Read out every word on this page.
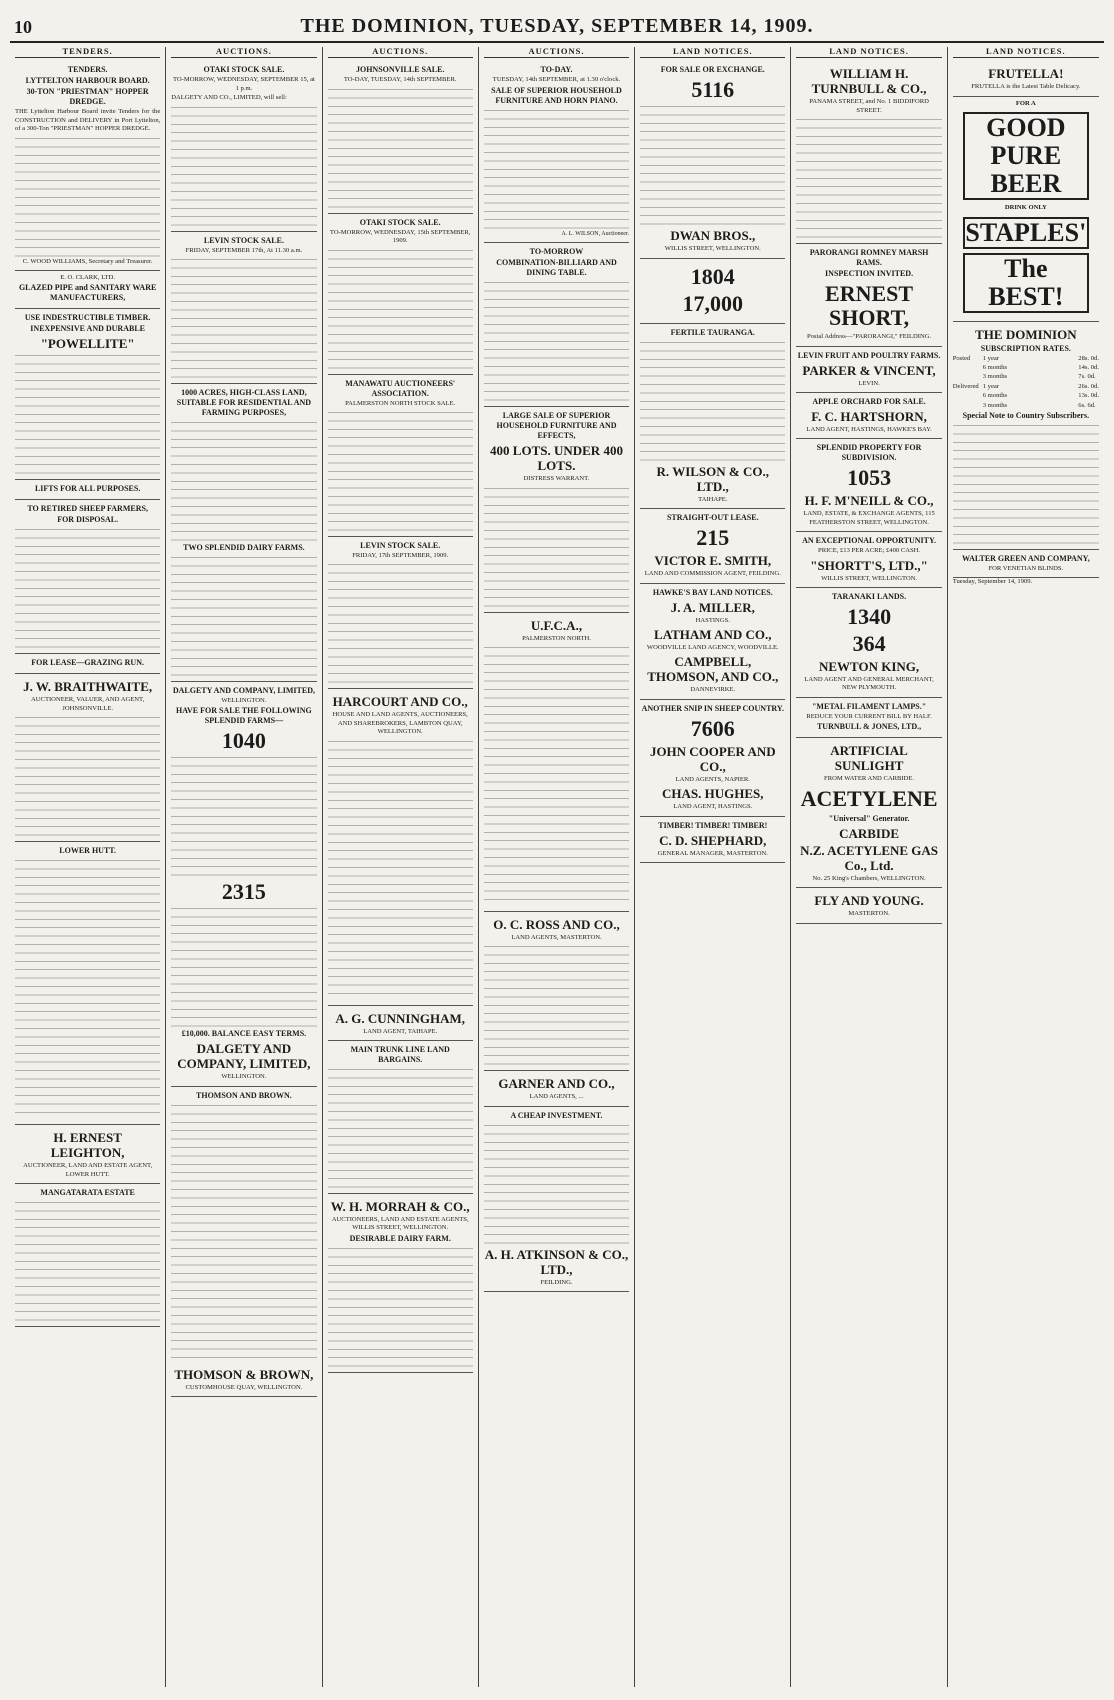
10	THE DOMINION, TUESDAY, SEPTEMBER 14, 1909.
TENDERS.
TENDERS.
LYTTELTON HARBOUR BOARD.
30-TON "PRIESTMAN" HOPPER DREDGE.

THE Lyttelton Harbour Board invite Tenders for the CONSTRUCTION and DELIVERY in Port Lyttelton, of a 300-Ton "PRIESTMAN" HOPPER DREDGE.

C. WOOD WILLIAMS, Secretary and Treasurer.
E. O. CLARK, LTD.
GLAZED PIPE and SANITARY WARE MANUFACTURERS,
USE INDESTRUCTIBLE TIMBER.
INEXPENSIVE AND DURABLE
"POWELLITE"
LIFTS FOR ALL PURPOSES.
TO RETIRED SHEEP FARMERS,
FOR DISPOSAL.
FOR LEASE—GRAZING RUN.
J. W. BRAITHWAITE,
AUCTIONEER, VALUER, AND AGENT, JOHNSONVILLE.
LOWER HUTT.
H. ERNEST LEIGHTON,
AUCTIONEER, LAND AND ESTATE AGENT, LOWER HUTT.
MANGATARATA ESTATE
AUCTIONS.
OTAKI STOCK SALE.
TO-MORROW, WEDNESDAY, SEPTEMBER 15, at 1 p.m.

DALGETY AND CO., LIMITED, will sell:

LEVIN STOCK SALE.
FRIDAY, SEPTEMBER 17th, At 11.30 a.m.
1000 ACRES, HIGH-CLASS LAND, SUITABLE FOR RESIDENTIAL AND FARMING PURPOSES,
TWO SPLENDID DAIRY FARMS.
DALGETY AND COMPANY, LIMITED,
WELLINGTON.
HAVE FOR SALE THE FOLLOWING SPLENDID FARMS—
1040
2315
£10,000. BALANCE EASY TERMS.
DALGETY AND COMPANY, LIMITED,
WELLINGTON.
THOMSON AND BROWN.
THOMSON & BROWN,
CUSTOMHOUSE QUAY, WELLINGTON.
AUCTIONS.
JOHNSONVILLE SALE.
TO-DAY, TUESDAY, 14th SEPTEMBER.
OTAKI STOCK SALE.
TO-MORROW, WEDNESDAY, 15th SEPTEMBER, 1909.
MANAWATU AUCTIONEERS' ASSOCIATION.
PALMERSTON NORTH STOCK SALE.
LEVIN STOCK SALE.
FRIDAY, 17th SEPTEMBER, 1909.
HARCOURT AND CO.,
HOUSE AND LAND AGENTS, AUCTIONEERS, AND SHAREBROKERS, LAMBTON QUAY, WELLINGTON.
A. G. CUNNINGHAM,
LAND AGENT, TAIHAPE.
MAIN TRUNK LINE LAND BARGAINS.
W. H. MORRAH & CO.,
AUCTIONEERS, LAND AND ESTATE AGENTS, WILLIS STREET, WELLINGTON.
DESIRABLE DAIRY FARM.
AUCTIONS.
TO-DAY.
TUESDAY, 14th SEPTEMBER, at 1.30 o'clock.
SALE OF SUPERIOR HOUSEHOLD FURNITURE AND HORN PIANO.
A. L. WILSON, Auctioneer.
TO-MORROW
COMBINATION-BILLIARD AND DINING TABLE.
LARGE SALE OF SUPERIOR HOUSEHOLD FURNITURE AND EFFECTS,
400 LOTS. UNDER 400 LOTS.
DISTRESS WARRANT.
U.F.C.A.,
PALMERSTON NORTH.
O. C. ROSS AND CO.,
LAND AGENTS, MASTERTON.
GARNER AND CO.,
LAND AGENTS, ...
A CHEAP INVESTMENT.
A. H. ATKINSON & CO., LTD.,
FEILDING.
LAND NOTICES.
FOR SALE OR EXCHANGE.
5116
DWAN BROS.,
WILLIS STREET, WELLINGTON.
1804
17,000
FERTILE TAURANGA.
R. WILSON & CO., LTD.,
TAIHAPE.
STRAIGHT-OUT LEASE.
215
VICTOR E. SMITH,
LAND AND COMMISSION AGENT, FEILDING.
HAWKE'S BAY LAND NOTICES.
J. A. MILLER,
HASTINGS.
LATHAM AND CO.,
WOODVILLE LAND AGENCY, WOODVILLE.
CAMPBELL, THOMSON, AND CO.,
DANNEVIRKE.
ANOTHER SNIP IN SHEEP COUNTRY.
7606
JOHN COOPER AND CO.,
LAND AGENTS, NAPIER.
CHAS. HUGHES,
LAND AGENT, HASTINGS.
TIMBER! TIMBER! TIMBER!
C. D. SHEPHARD,
GENERAL MANAGER, MASTERTON.
LAND NOTICES.
WILLIAM H. TURNBULL & CO.,
PANAMA STREET, and No. 1 BIDDIFORD STREET.
PARORANGI ROMNEY MARSH RAMS.
INSPECTION INVITED.
ERNEST SHORT,
Postal Address—"PARORANGI," FEILDING.
LEVIN FRUIT AND POULTRY FARMS.
PARKER & VINCENT,
LEVIN.
APPLE ORCHARD FOR SALE.
F. C. HARTSHORN,
LAND AGENT, HASTINGS, HAWKE'S BAY.
SPLENDID PROPERTY FOR SUBDIVISION.
1053
H. F. M'NEILL & CO.,
LAND, ESTATE, & EXCHANGE AGENTS, 115 FEATHERSTON STREET, WELLINGTON.
AN EXCEPTIONAL OPPORTUNITY.
PRICE, £13 PER ACRE; £400 CASH.
"SHORTT'S, LTD.,"
WILLIS STREET, WELLINGTON.
TARANAKI LANDS.
1340
364
NEWTON KING,
LAND AGENT AND GENERAL MERCHANT, NEW PLYMOUTH.
"METAL FILAMENT LAMPS."
REDUCE YOUR CURRENT BILL BY HALF.
TURNBULL & JONES, LTD.,
ARTIFICIAL SUNLIGHT
FROM WATER AND CARBIDE.
ACETYLENE
"Universal" Generator.
CARBIDE
N.Z. ACETYLENE GAS Co., Ltd.
No. 25 King's Chambers, WELLINGTON.
FLY AND YOUNG.
MASTERTON.
LAND NOTICES.
FRUTELLA!
FRUTELLA is the Latest Table Delicacy.
FOR A
GOOD PURE BEER
DRINK ONLY
STAPLES'
The BEST!
THE DOMINION
SUBSCRIPTION RATES.
Posted	1 year	28s. 0d.
6 months	14s. 0d.
3 months	7s. 0d.
Delivered 1 year	26s. 0d.
6 months	13s. 0d.
3 months	6s. 6d.
Special Note to Country Subscribers.
WALTER GREEN AND COMPANY,
FOR VENETIAN BLINDS.
Tuesday, September 14, 1909.
